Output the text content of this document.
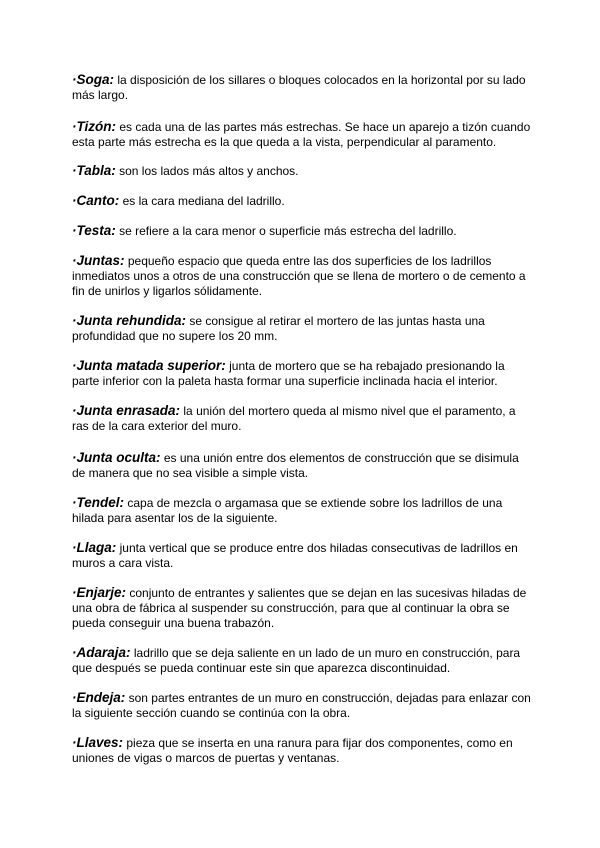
·Soga: la disposición de los sillares o bloques colocados en la horizontal por su lado más largo.

·Tizón: es cada una de las partes más estrechas. Se hace un aparejo a tizón cuando esta parte más estrecha es la que queda a la vista, perpendicular al paramento.

·Tabla: son los lados más altos y anchos.

·Canto: es la cara mediana del ladrillo.

·Testa: se refiere a la cara menor o superficie más estrecha del ladrillo.

·Juntas: pequeño espacio que queda entre las dos superficies de los ladrillos inmediatos unos a otros de una construcción que se llena de mortero o de cemento a fin de unirlos y ligarlos sólidamente.

·Junta rehundida: se consigue al retirar el mortero de las juntas hasta una profundidad que no supere los 20 mm.

·Junta matada superior: junta de mortero que se ha rebajado presionando la parte inferior con la paleta hasta formar una superficie inclinada hacia el interior.

·Junta enrasada: la unión del mortero queda al mismo nivel que el paramento, a ras de la cara exterior del muro.

·Junta oculta: es una unión entre dos elementos de construcción que se disimula de manera que no sea visible a simple vista.

·Tendel: capa de mezcla o argamasa que se extiende sobre los ladrillos de una hilada para asentar los de la siguiente.

·Llaga: junta vertical que se produce entre dos hiladas consecutivas de ladrillos en muros a cara vista.

·Enjarje: conjunto de entrantes y salientes que se dejan en las sucesivas hiladas de una obra de fábrica al suspender su construcción, para que al continuar la obra se pueda conseguir una buena trabazón.

·Adaraja: ladrillo que se deja saliente en un lado de un muro en construcción, para que después se pueda continuar este sin que aparezca discontinuidad.

·Endeja: son partes entrantes de un muro en construcción, dejadas para enlazar con la siguiente sección cuando se continúa con la obra.

·Llaves: pieza que se inserta en una ranura para fijar dos componentes, como en uniones de vigas o marcos de puertas y ventanas.
